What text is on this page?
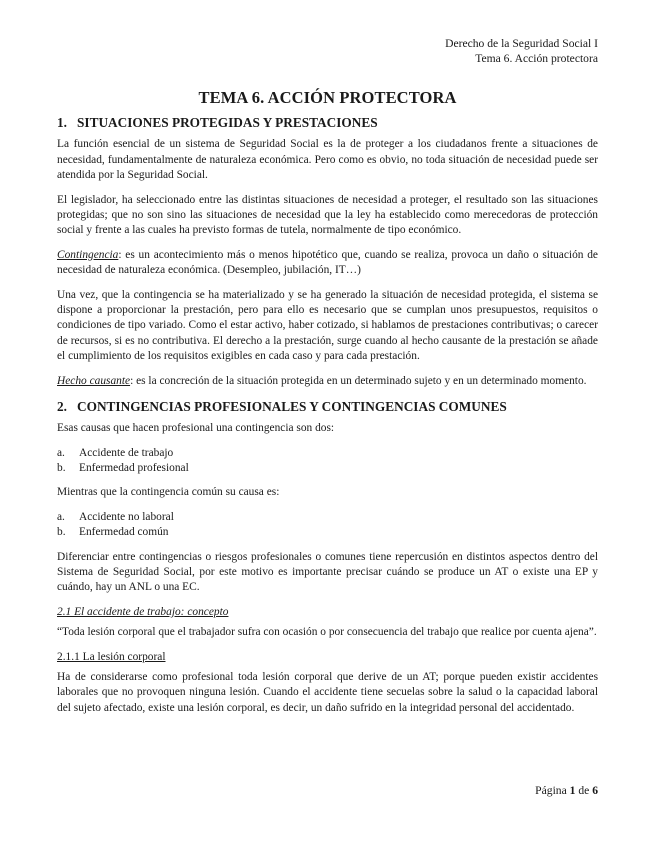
Derecho de la Seguridad Social I
Tema 6. Acción protectora
TEMA 6. ACCIÓN PROTECTORA
1. SITUACIONES PROTEGIDAS Y PRESTACIONES

La función esencial de un sistema de Seguridad Social es la de proteger a los ciudadanos frente a situaciones de necesidad, fundamentalmente de naturaleza económica. Pero como es obvio, no toda situación de necesidad puede ser atendida por la Seguridad Social.

El legislador, ha seleccionado entre las distintas situaciones de necesidad a proteger, el resultado son las situaciones protegidas; que no son sino las situaciones de necesidad que la ley ha establecido como merecedoras de protección social y frente a las cuales ha previsto formas de tutela, normalmente de tipo económico.

Contingencia: es un acontecimiento más o menos hipotético que, cuando se realiza, provoca un daño o situación de necesidad de naturaleza económica. (Desempleo, jubilación, IT…)

Una vez, que la contingencia se ha materializado y se ha generado la situación de necesidad protegida, el sistema se dispone a proporcionar la prestación, pero para ello es necesario que se cumplan unos presupuestos, requisitos o condiciones de tipo variado. Como el estar activo, haber cotizado, si hablamos de prestaciones contributivas; o carecer de recursos, si es no contributiva. El derecho a la prestación, surge cuando al hecho causante de la prestación se añade el cumplimiento de los requisitos exigibles en cada caso y para cada prestación.

Hecho causante: es la concreción de la situación protegida en un determinado sujeto y en un determinado momento.

2. CONTINGENCIAS PROFESIONALES Y CONTINGENCIAS COMUNES

Esas causas que hacen profesional una contingencia son dos:

a. Accidente de trabajo
b. Enfermedad profesional

Mientras que la contingencia común su causa es:

a. Accidente no laboral
b. Enfermedad común

Diferenciar entre contingencias o riesgos profesionales o comunes tiene repercusión en distintos aspectos dentro del Sistema de Seguridad Social, por este motivo es importante precisar cuándo se produce un AT o existe una EP y cuándo, hay un ANL o una EC.

2.1 El accidente de trabajo: concepto

“Toda lesión corporal que el trabajador sufra con ocasión o por consecuencia del trabajo que realice por cuenta ajena”.

2.1.1 La lesión corporal

Ha de considerarse como profesional toda lesión corporal que derive de un AT; porque pueden existir accidentes laborales que no provoquen ninguna lesión. Cuando el accidente tiene secuelas sobre la salud o la capacidad laboral del sujeto afectado, existe una lesión corporal, es decir, un daño sufrido en la integridad personal del accidentado.

Página 1 de 6
